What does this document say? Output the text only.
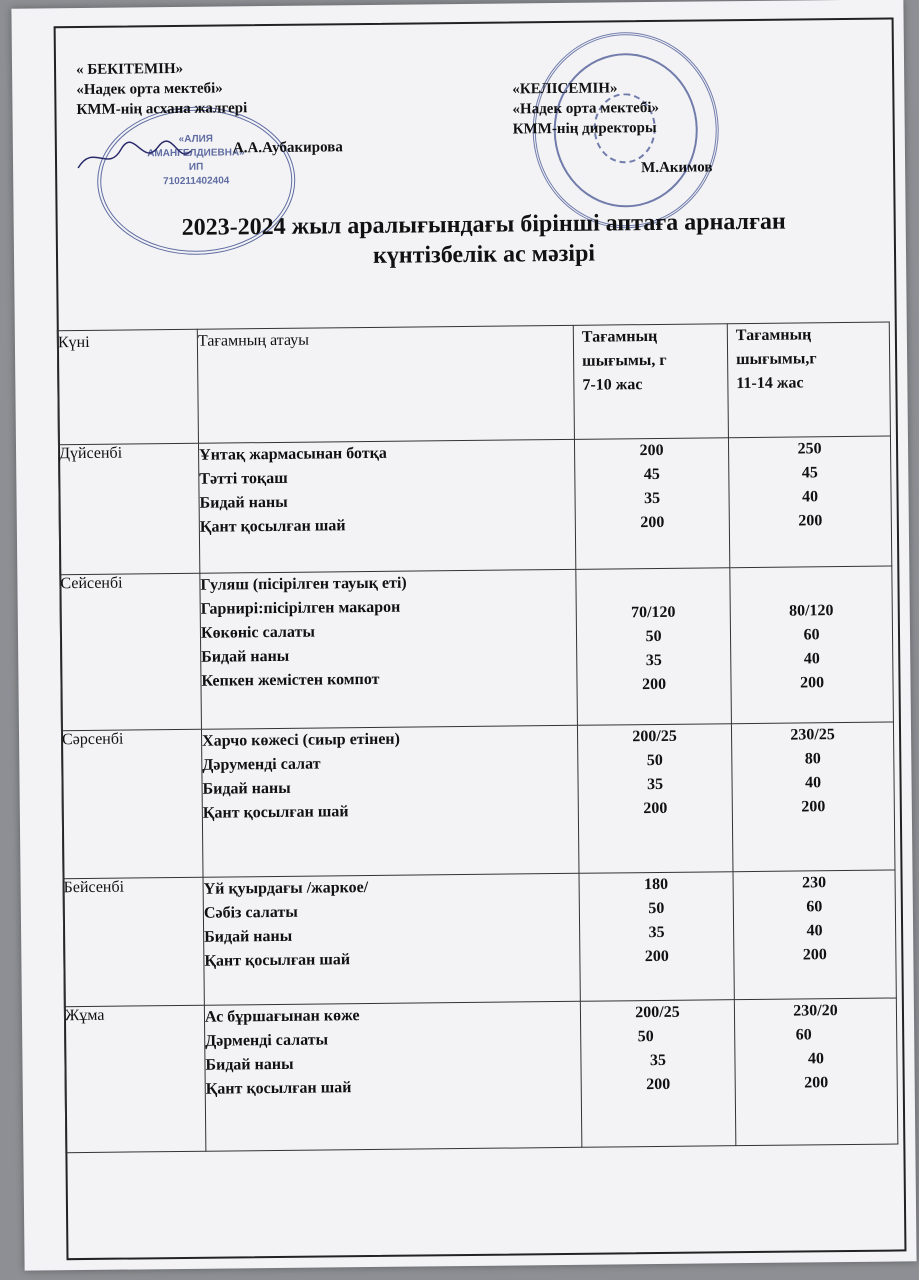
«АЛИЯ
АМАНГЕЛДИЕВНА»
ИП
710211402404
« БЕКІТЕМІН»
«Надек орта мектебі»
КММ-нің асхана жалгері
А.А.Аубакирова
«КЕЛІСЕМІН»
«Надек орта мектебі»
КММ-нің директоры
М.Акимов
2023-2024 жыл аралығындағы бірінші аптаға арналған
күнтізбелік ас мәзірі
Күні	Тағамның атауы	Тағамның
шығымы, г
7-10 жас	Тағамның
шығымы,г
11-14 жас

Дүйсенбі	Ұнтақ жармасынан ботқа
Тәтті тоқаш
Бидай наны
Қант қосылған шай	200
45
35
200	250
45
40
200

Сейсенбі	Гуляш (пісірілген тауық еті)
Гарнирі:пісірілген макарон
Көкөніс салаты
Бидай наны
Кепкен жемістен компот	70/120
50
35
200	80/120
60
40
200

Сәрсенбі	Харчо көжесі (сиыр етінен)
Дәруменді салат
Бидай наны
Қант қосылған шай	200/25
50
35
200	230/25
80
40
200

Бейсенбі	Үй қуырдағы /жаркое/
Сәбіз салаты
Бидай наны
Қант қосылған шай	180
50
35
200	230
60
40
200

Жұма	Ас бұршағынан көже
Дәрменді салаты
Бидай наны
Қант қосылған шай	200/25
50
35
200	230/20
60
40
200
